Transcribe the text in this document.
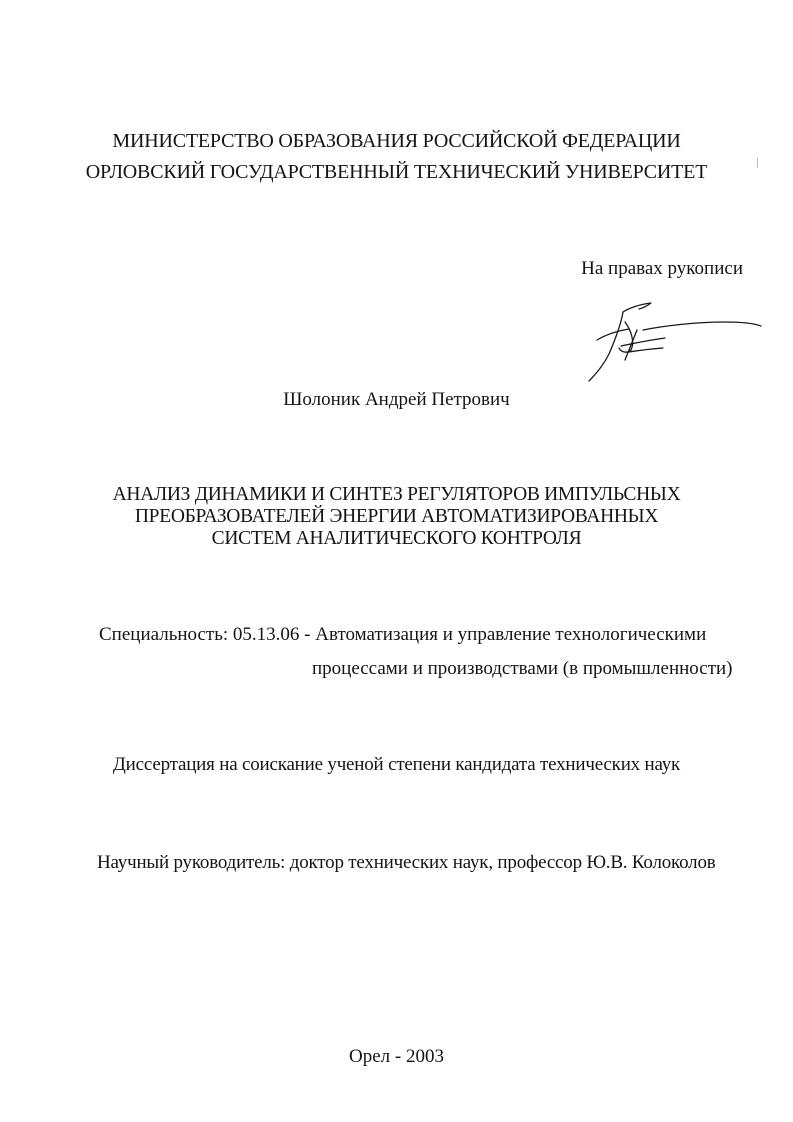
МИНИСТЕРСТВО ОБРАЗОВАНИЯ РОССИЙСКОЙ ФЕДЕРАЦИИ
ОРЛОВСКИЙ ГОСУДАРСТВЕННЫЙ ТЕХНИЧЕСКИЙ УНИВЕРСИТЕТ
На правах рукописи
Шолоник Андрей Петрович
АНАЛИЗ ДИНАМИКИ И СИНТЕЗ РЕГУЛЯТОРОВ ИМПУЛЬСНЫХ
ПРЕОБРАЗОВАТЕЛЕЙ ЭНЕРГИИ АВТОМАТИЗИРОВАННЫХ
СИСТЕМ АНАЛИТИЧЕСКОГО КОНТРОЛЯ
Специальность: 05.13.06 - Автоматизация и управление технологическими
процессами и производствами (в промышленности)
Диссертация на соискание ученой степени кандидата технических наук
Научный руководитель: доктор технических наук, профессор Ю.В. Колоколов
Орел - 2003
